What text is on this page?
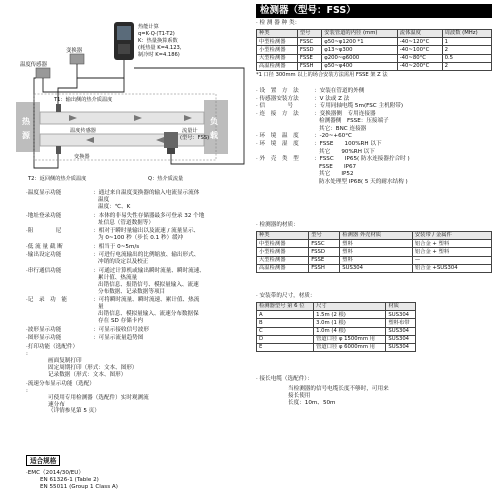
热
源
负
载
变换器
温度传感器
T1：输出侧的热介质温度
温度传感器
变换器
流量计
(型号：FSS)
热能计算
q=K·Q·(T1-T2)
K：热量换算系数
(耗热量 K=4.123,
制冷时 K=4.186)
T2：返回侧的热介质温度	Q：热介质流量
·温度显示功能	：通过来自温度变换器的输入电流显示流体
温度
温度：℃、K
·地址登录功能	：本体的非易失性存储器最多可登录 32 个地
址信息（管道数据等）
·阻　　　　尼	：相对于瞬时量输出以及流速 / 流量显示、
为 0~100 秒（步长 0.1 秒）缓冲
·低 流 量 截 断	：相当于 0~5m/s
·输出设定功能	：可进行电流输出的比例缩放、输出形式、
冲销的设定以及校正
·串行通信功能	：可通过计算机或输出瞬时流量、瞬时流速、
累计值、热流量
出错信息、报错信号、模拟量输入、流速
分布数据、记录数据等项目
·记　录　功　能	：可将瞬时流量、瞬时流速、累计值、热流
量
出错信息、模拟量输入、流速分布数据保
存在 SD 存储卡内
·波形显示功能	：可显示接收信号波形
·图形显示功能	：可显示流量趋势图
·打印功能（选配件）
:
画面复制打印
固定周期打印（形式：文本、图形）
记录数据（形式：文本、图形）
·流速分布显示功能（选配）
:
可使用专用检测器（选配件）实时观测流
速分布
（详情参见第 5 页）
适合规格
·EMC（2014/30/EU）
EN 61326-1 (Table 2)
EN 55011 (Group 1 Class A)
检测器（型号：FSS）
· 检 测 器 种 类：
种类	型号	安装管道的内径 (mm)	流体温度	周波数 (MHz)
中型检测器	FSSC	φ50~φ1200 *1	-40~120°C	1
小型检测器	FSSD	φ13~φ300	-40~100°C	2
大型检测器	FSSE	φ200~φ6000	-40~80°C	0.5
高温检测器	FSSH	φ50~φ400	-40~200°C	2
*1 口径 300mm 以上的场合安装方法需用 FSSE 架 Z 法
· 设　置　方　法	：安装在管道的外侧
· 传感器安装方法	：V 法或 Z 法
· 信　　　　号	：专用同轴电缆 5m(FSC 主机附带)
· 连　接　方　法	：变换器侧　专用连接器
检测器侧　FSSE：压接端子
其它：BNC 连接器
· 环　境　温　度	：-20~+60°C
· 环　境　湿　度	：FSSE　　100%RH 以下
其它　　90%RH 以下
· 外　壳　类　型	：FSSC　　IP65( 防水连接器拧合时 )
FSSE　　IP67
其它　　IP52
防水处理型 IP68( 5 天的耐水结构 )
· 检测器的材质：
种类	型号	检测器 外壳材质	安装带 / 金属件
中型检测器	FSSC	塑料	铝合金 + 塑料
小型检测器	FSSD	塑料	铝合金 + 塑料
大型检测器	FSSE	塑料	—
高温检测器	FSSH	SUS304	铝合金 +SUS304
· 安装带的尺寸，材质：
检测器型号 第 6 位	尺寸	材质
A	1.5m (2 根)	SUS304
B	3.0m (1 根)	塑料布带
C	1.0m (4 根)	SUS304
D	管道口径 φ 1500mm 用	SUS304
E	管道口径 φ 6000mm 用	SUS304
· 接长电缆（选配件）：
当检测器的信号电缆长度不够时，可用来
接长使用
长度：10m、50m
